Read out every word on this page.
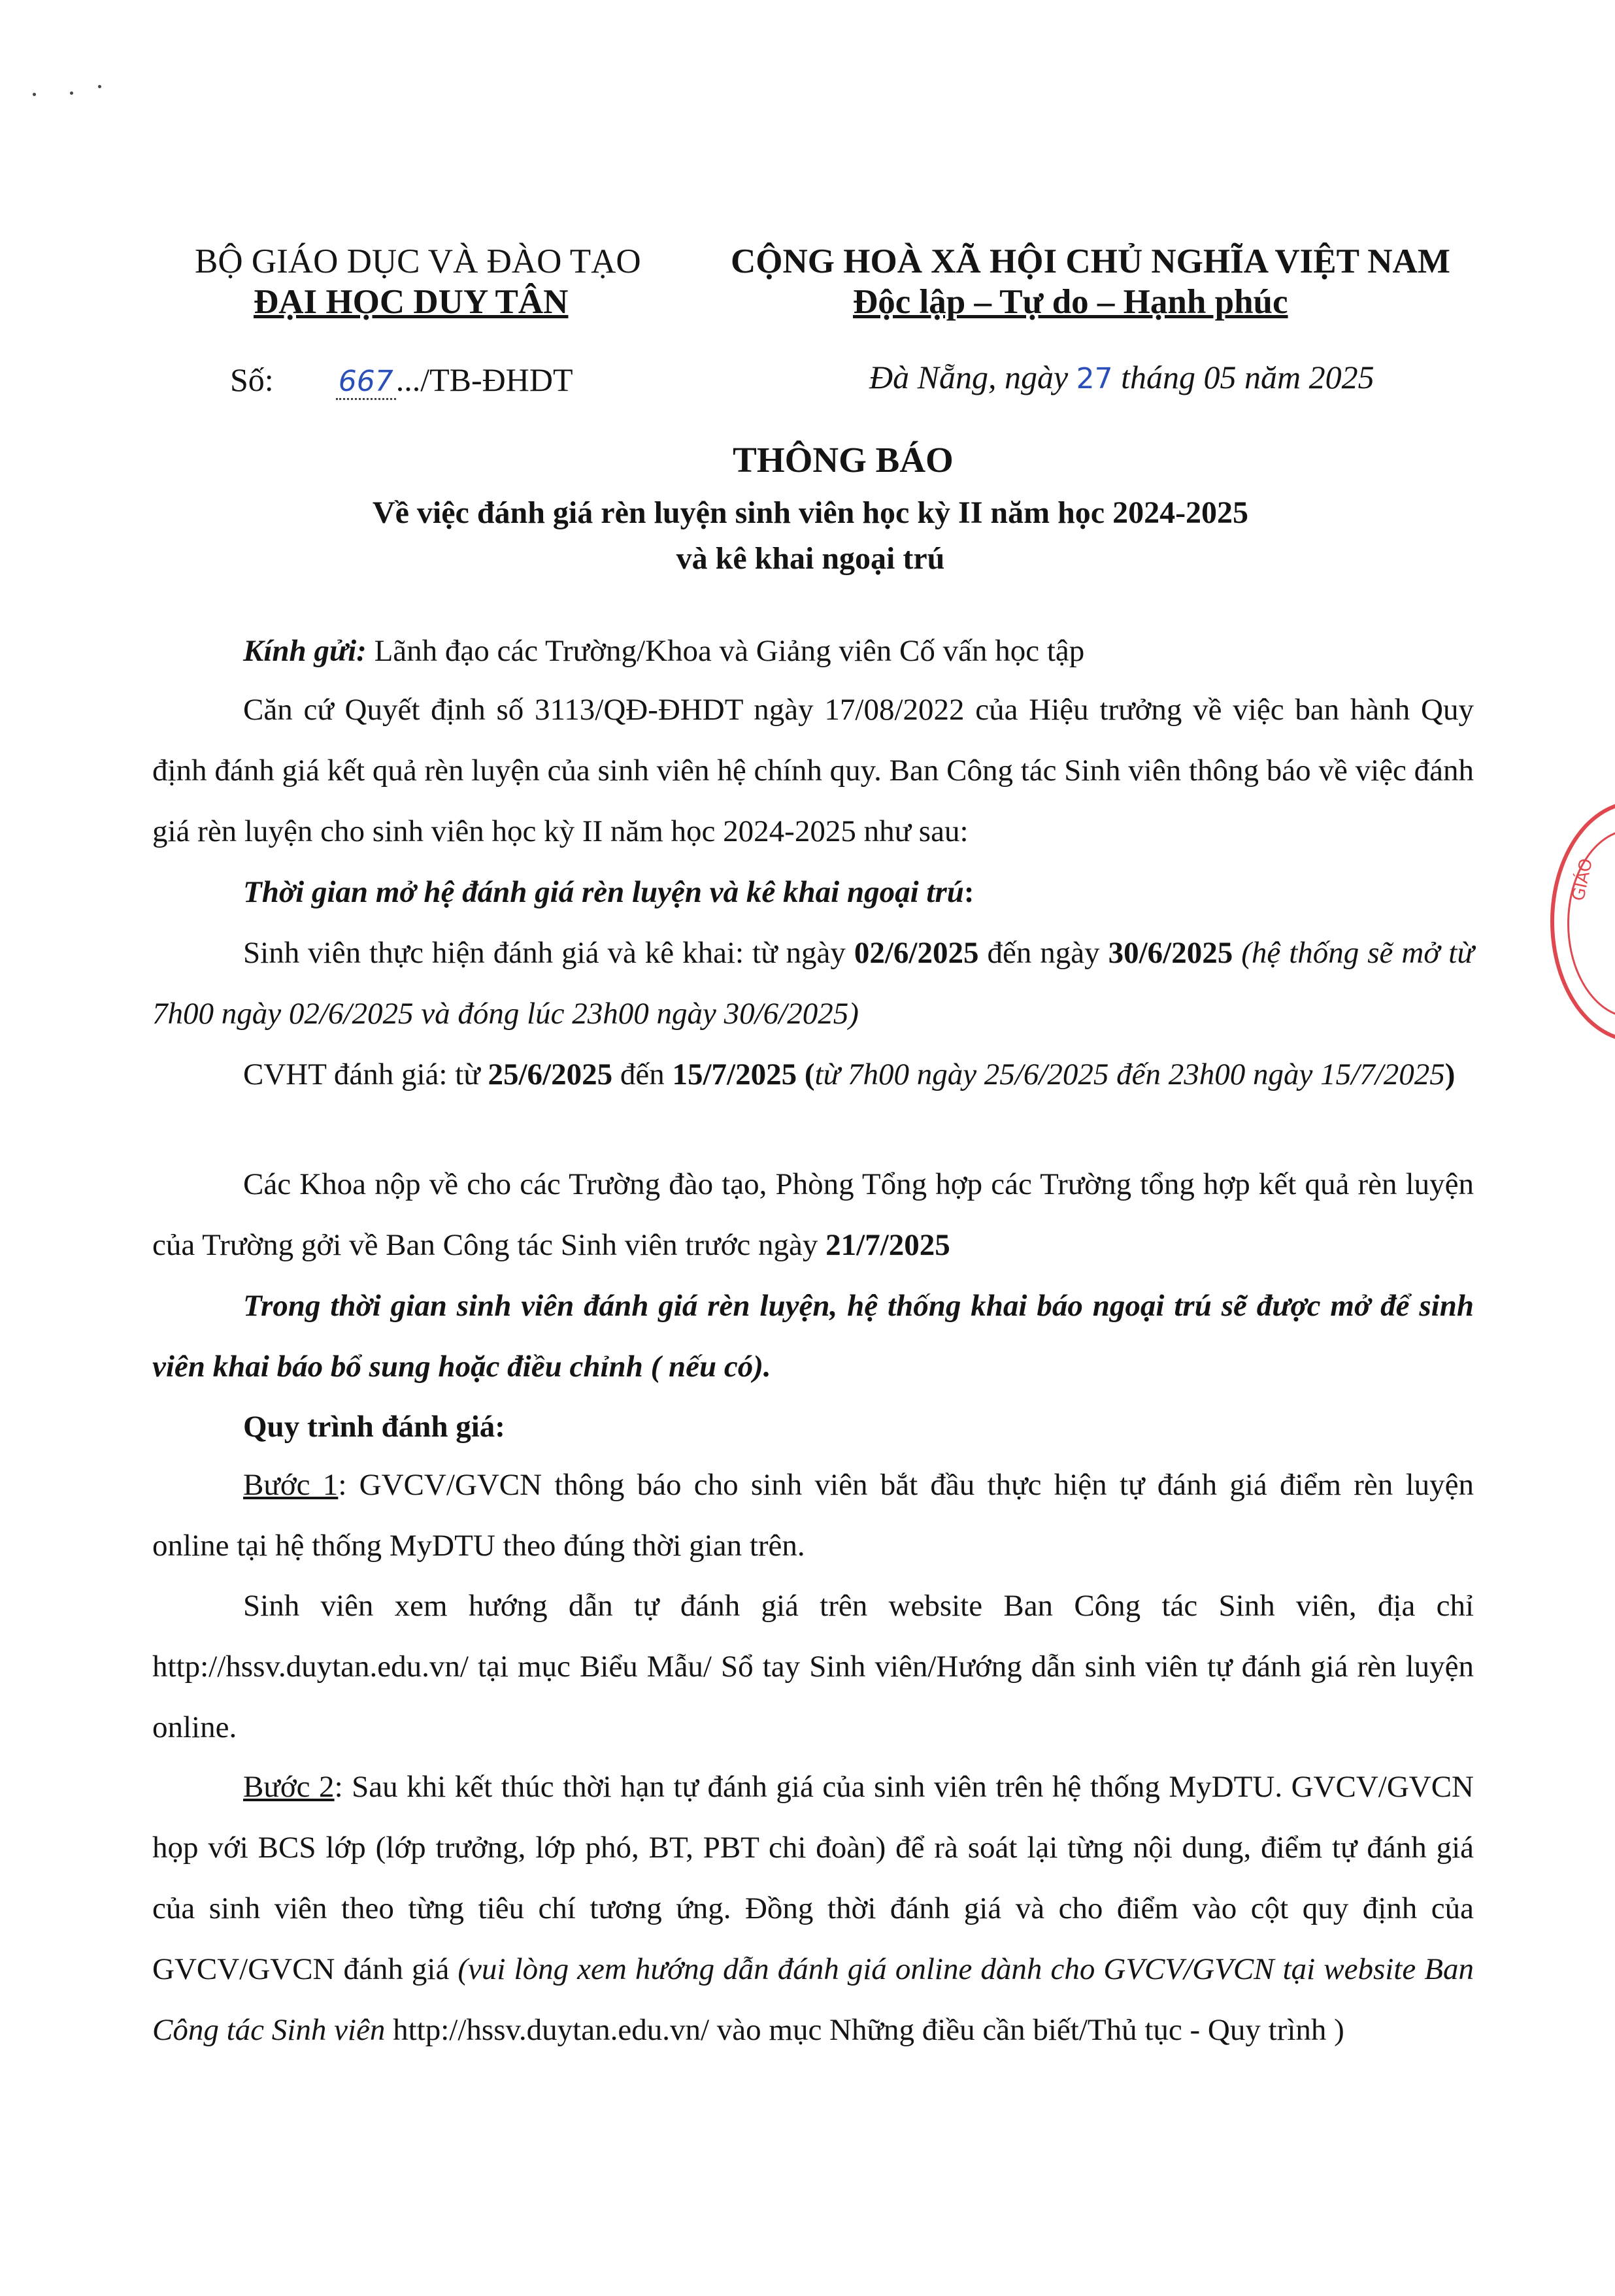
BỘ GIÁO DỤC VÀ ĐÀO TẠO
ĐẠI HỌC DUY TÂN
CỘNG HOÀ XÃ HỘI CHỦ NGHĨA VIỆT NAM
Độc lập – Tự do – Hạnh phúc
Số: 667.../TB-ĐHDT	Đà Nẵng, ngày 27 tháng 05 năm 2025
THÔNG BÁO
Về việc đánh giá rèn luyện sinh viên học kỳ II năm học 2024-2025
và kê khai ngoại trú
Kính gửi: Lãnh đạo các Trường/Khoa và Giảng viên Cố vấn học tập
Căn cứ Quyết định số 3113/QĐ-ĐHDT ngày 17/08/2022 của Hiệu trưởng về việc ban hành Quy định đánh giá kết quả rèn luyện của sinh viên hệ chính quy. Ban Công tác Sinh viên thông báo về việc đánh giá rèn luyện cho sinh viên học kỳ II năm học 2024-2025 như sau:
Thời gian mở hệ đánh giá rèn luyện và kê khai ngoại trú:
Sinh viên thực hiện đánh giá và kê khai: từ ngày 02/6/2025 đến ngày 30/6/2025 (hệ thống sẽ mở từ 7h00 ngày 02/6/2025 và đóng lúc 23h00 ngày 30/6/2025)
CVHT đánh giá: từ 25/6/2025 đến 15/7/2025 (từ 7h00 ngày 25/6/2025 đến 23h00 ngày 15/7/2025)
Các Khoa nộp về cho các Trường đào tạo, Phòng Tổng hợp các Trường tổng hợp kết quả rèn luyện của Trường gởi về Ban Công tác Sinh viên trước ngày 21/7/2025
Trong thời gian sinh viên đánh giá rèn luyện, hệ thống khai báo ngoại trú sẽ được mở để sinh viên khai báo bổ sung hoặc điều chỉnh ( nếu có).
Quy trình đánh giá:
Bước 1: GVCV/GVCN thông báo cho sinh viên bắt đầu thực hiện tự đánh giá điểm rèn luyện online tại hệ thống MyDTU theo đúng thời gian trên.
Sinh viên xem hướng dẫn tự đánh giá trên website Ban Công tác Sinh viên, địa chỉ http://hssv.duytan.edu.vn/ tại mục Biểu Mẫu/ Sổ tay Sinh viên/Hướng dẫn sinh viên tự đánh giá rèn luyện online.
Bước 2: Sau khi kết thúc thời hạn tự đánh giá của sinh viên trên hệ thống MyDTU. GVCV/GVCN họp với BCS lớp (lớp trưởng, lớp phó, BT, PBT chi đoàn) để rà soát lại từng nội dung, điểm tự đánh giá của sinh viên theo từng tiêu chí tương ứng. Đồng thời đánh giá và cho điểm vào cột quy định của GVCV/GVCN đánh giá (vui lòng xem hướng dẫn đánh giá online dành cho GVCV/GVCN tại website Ban Công tác Sinh viên http://hssv.duytan.edu.vn/ vào mục Những điều cần biết/Thủ tục - Quy trình )
GIÁO
